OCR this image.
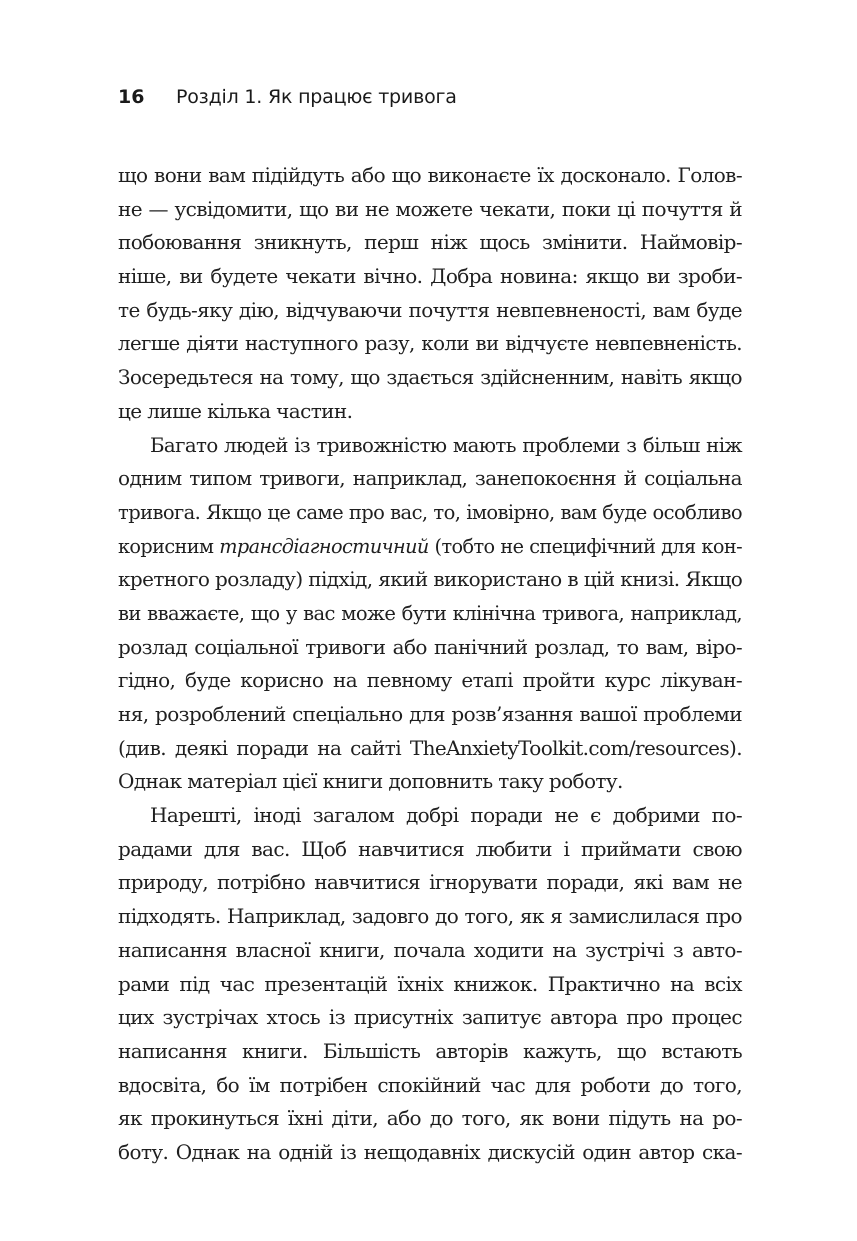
16	Розділ 1. Як працює тривога
що вони вам підійдуть або що виконаєте їх досконало. Голов-
не — усвідомити, що ви не можете чекати, поки ці почуття й
побоювання зникнуть, перш ніж щось змінити. Наймовір-
ніше, ви будете чекати вічно. Добра новина: якщо ви зроби-
те будь-яку дію, відчуваючи почуття невпевненості, вам буде
легше діяти наступного разу, коли ви відчуєте невпевненість.
Зосередьтеся на тому, що здається здійсненним, навіть якщо
це лише кілька частин.
Багато людей із тривожністю мають проблеми з більш ніж
одним типом тривоги, наприклад, занепокоєння й соціальна
тривога. Якщо це саме про вас, то, імовірно, вам буде особливо
корисним трансдіагностичний (тобто не специфічний для кон-
кретного розладу) підхід, який використано в цій книзі. Якщо
ви вважаєте, що у вас може бути клінічна тривога, наприклад,
розлад соціальної тривоги або панічний розлад, то вам, віро-
гідно, буде корисно на певному етапі пройти курс лікуван-
ня, розроблений спеціально для розв’язання вашої проблеми
(див. деякі поради на сайті TheAnxietyToolkit.com/resources).
Однак матеріал цієї книги доповнить таку роботу.
Нарешті, іноді загалом добрі поради не є добрими по-
радами для вас. Щоб навчитися любити і приймати свою
природу, потрібно навчитися ігнорувати поради, які вам не
підходять. Наприклад, задовго до того, як я замислилася про
написання власної книги, почала ходити на зустрічі з авто-
рами під час презентацій їхніх книжок. Практично на всіх
цих зустрічах хтось із присутніх запитує автора про процес
написання книги. Більшість авторів кажуть, що встають
вдосвіта, бо їм потрібен спокійний час для роботи до того,
як прокинуться їхні діти, або до того, як вони підуть на ро-
боту. Однак на одній із нещодавніх дискусій один автор ска-
